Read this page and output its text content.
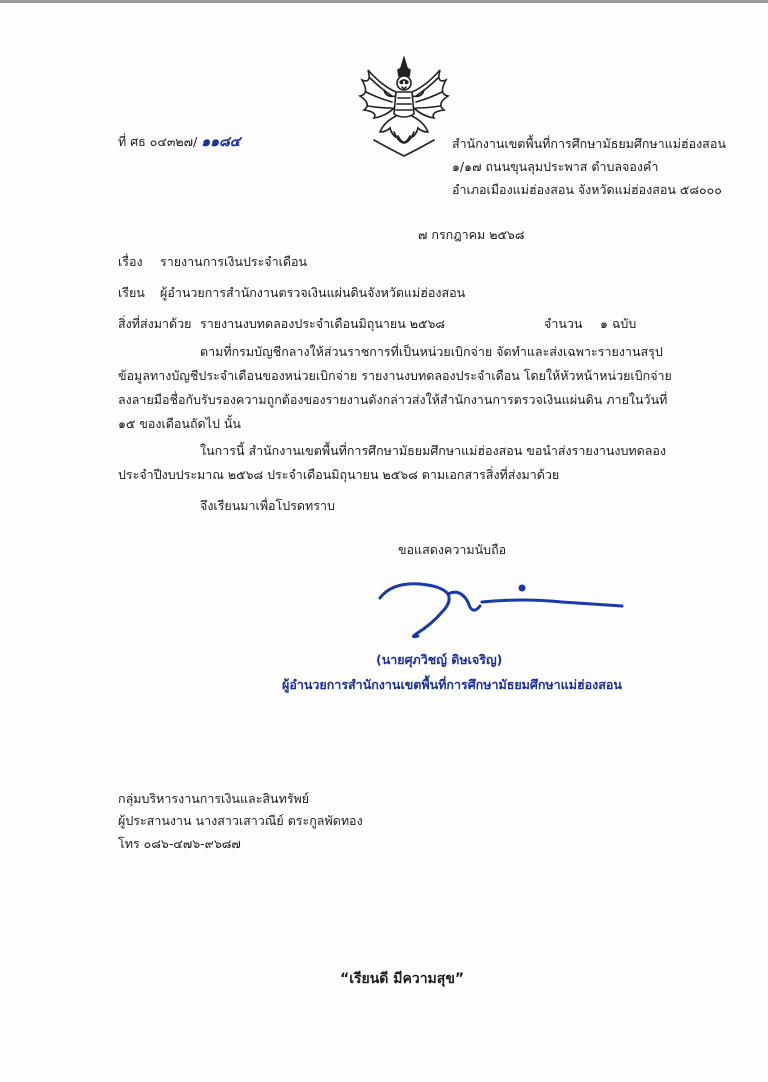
ที่ ศธ ๐๔๓๒๗/ ๑๑๘๔	สำนักงานเขตพื้นที่การศึกษามัธยมศึกษาแม่ฮ่องสอน
๑/๑๗ ถนนขุนลุมประพาส ตำบลจองคำ
อำเภอเมืองแม่ฮ่องสอน จังหวัดแม่ฮ่องสอน ๕๘๐๐๐
๗ กรกฎาคม ๒๕๖๘
เรื่อง รายงานการเงินประจำเดือน
เรียน ผู้อำนวยการสำนักงานตรวจเงินแผ่นดินจังหวัดแม่ฮ่องสอน
สิ่งที่ส่งมาด้วย รายงานงบทดลองประจำเดือนมิถุนายน ๒๕๖๘	จำนวน ๑ ฉบับ
ตามที่กรมบัญชีกลางให้ส่วนราชการที่เป็นหน่วยเบิกจ่าย จัดทำและส่งเฉพาะรายงานสรุป
ข้อมูลทางบัญชีประจำเดือนของหน่วยเบิกจ่าย รายงานงบทดลองประจำเดือน โดยให้หัวหน้าหน่วยเบิกจ่าย
ลงลายมือชื่อกับรับรองความถูกต้องของรายงานดังกล่าวส่งให้สำนักงานการตรวจเงินแผ่นดิน ภายในวันที่
๑๕ ของเดือนถัดไป นั้น
ในการนี้ สำนักงานเขตพื้นที่การศึกษามัธยมศึกษาแม่ฮ่องสอน ขอนำส่งรายงานงบทดลอง
ประจำปีงบประมาณ ๒๕๖๘ ประจำเดือนมิถุนายน ๒๕๖๘ ตามเอกสารสิ่งที่ส่งมาด้วย
จึงเรียนมาเพื่อโปรดทราบ
ขอแสดงความนับถือ
(นายศุภวิชญ์ ดิษเจริญ)
ผู้อำนวยการสำนักงานเขตพื้นที่การศึกษามัธยมศึกษาแม่ฮ่องสอน
กลุ่มบริหารงานการเงินและสินทรัพย์
ผู้ประสานงาน นางสาวเสาวณีย์ ตระกูลพัดทอง
โทร ๐๘๖-๔๗๖-๙๖๘๗
“เรียนดี มีความสุข”
